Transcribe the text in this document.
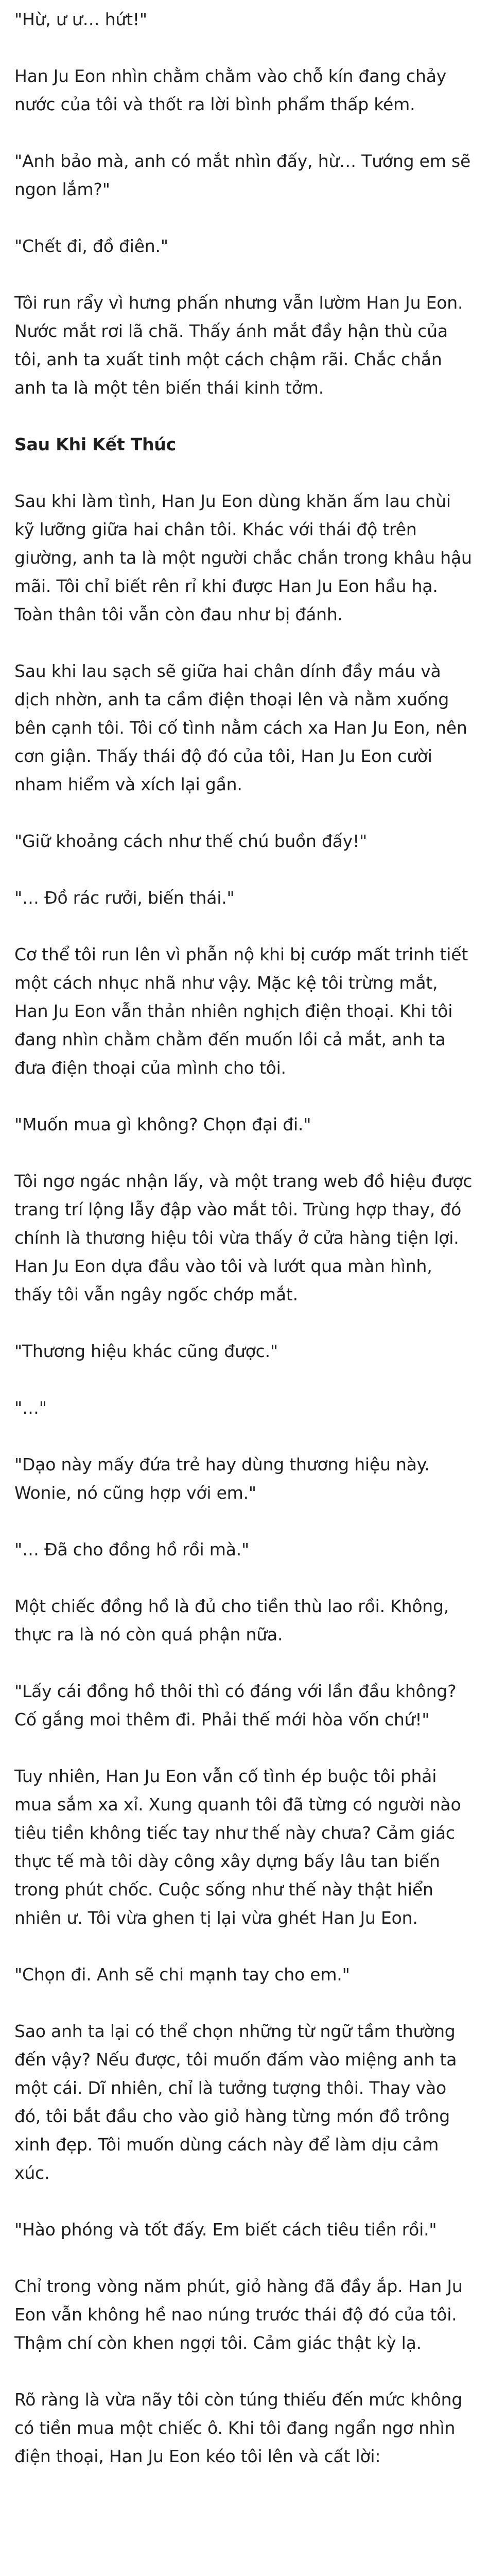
"Hừ, ư ư… hứt!"

Han Ju Eon nhìn chằm chằm vào chỗ kín đang chảy nước của tôi và thốt ra lời bình phẩm thấp kém.

"Anh bảo mà, anh có mắt nhìn đấy, hừ… Tướng em sẽ ngon lắm?"

"Chết đi, đồ điên."

Tôi run rẩy vì hưng phấn nhưng vẫn lườm Han Ju Eon. Nước mắt rơi lã chã. Thấy ánh mắt đầy hận thù của tôi, anh ta xuất tinh một cách chậm rãi. Chắc chắn anh ta là một tên biến thái kinh tởm.

Sau Khi Kết Thúc

Sau khi làm tình, Han Ju Eon dùng khăn ấm lau chùi kỹ lưỡng giữa hai chân tôi. Khác với thái độ trên giường, anh ta là một người chắc chắn trong khâu hậu mãi. Tôi chỉ biết rên rỉ khi được Han Ju Eon hầu hạ. Toàn thân tôi vẫn còn đau như bị đánh.

Sau khi lau sạch sẽ giữa hai chân dính đầy máu và dịch nhờn, anh ta cầm điện thoại lên và nằm xuống bên cạnh tôi. Tôi cố tình nằm cách xa Han Ju Eon, nên cơn giận. Thấy thái độ đó của tôi, Han Ju Eon cười nham hiểm và xích lại gần.

"Giữ khoảng cách như thế chú buồn đấy!"

"… Đồ rác rưởi, biến thái."

Cơ thể tôi run lên vì phẫn nộ khi bị cướp mất trinh tiết một cách nhục nhã như vậy. Mặc kệ tôi trừng mắt, Han Ju Eon vẫn thản nhiên nghịch điện thoại. Khi tôi đang nhìn chằm chằm đến muốn lồi cả mắt, anh ta đưa điện thoại của mình cho tôi.

"Muốn mua gì không? Chọn đại đi."

Tôi ngơ ngác nhận lấy, và một trang web đồ hiệu được trang trí lộng lẫy đập vào mắt tôi. Trùng hợp thay, đó chính là thương hiệu tôi vừa thấy ở cửa hàng tiện lợi. Han Ju Eon dựa đầu vào tôi và lướt qua màn hình, thấy tôi vẫn ngây ngốc chớp mắt.

"Thương hiệu khác cũng được."

"…"

"Dạo này mấy đứa trẻ hay dùng thương hiệu này. Wonie, nó cũng hợp với em."

"… Đã cho đồng hồ rồi mà."

Một chiếc đồng hồ là đủ cho tiền thù lao rồi. Không, thực ra là nó còn quá phận nữa.

"Lấy cái đồng hồ thôi thì có đáng với lần đầu không? Cố gắng moi thêm đi. Phải thế mới hòa vốn chứ!"

Tuy nhiên, Han Ju Eon vẫn cố tình ép buộc tôi phải mua sắm xa xỉ. Xung quanh tôi đã từng có người nào tiêu tiền không tiếc tay như thế này chưa? Cảm giác thực tế mà tôi dày công xây dựng bấy lâu tan biến trong phút chốc. Cuộc sống như thế này thật hiển nhiên ư. Tôi vừa ghen tị lại vừa ghét Han Ju Eon.

"Chọn đi. Anh sẽ chi mạnh tay cho em."

Sao anh ta lại có thể chọn những từ ngữ tầm thường đến vậy? Nếu được, tôi muốn đấm vào miệng anh ta một cái. Dĩ nhiên, chỉ là tưởng tượng thôi. Thay vào đó, tôi bắt đầu cho vào giỏ hàng từng món đồ trông xinh đẹp. Tôi muốn dùng cách này để làm dịu cảm xúc.

"Hào phóng và tốt đấy. Em biết cách tiêu tiền rồi."

Chỉ trong vòng năm phút, giỏ hàng đã đầy ắp. Han Ju Eon vẫn không hề nao núng trước thái độ đó của tôi. Thậm chí còn khen ngợi tôi. Cảm giác thật kỳ lạ.

Rõ ràng là vừa nãy tôi còn túng thiếu đến mức không có tiền mua một chiếc ô. Khi tôi đang ngẩn ngơ nhìn điện thoại, Han Ju Eon kéo tôi lên và cất lời:
